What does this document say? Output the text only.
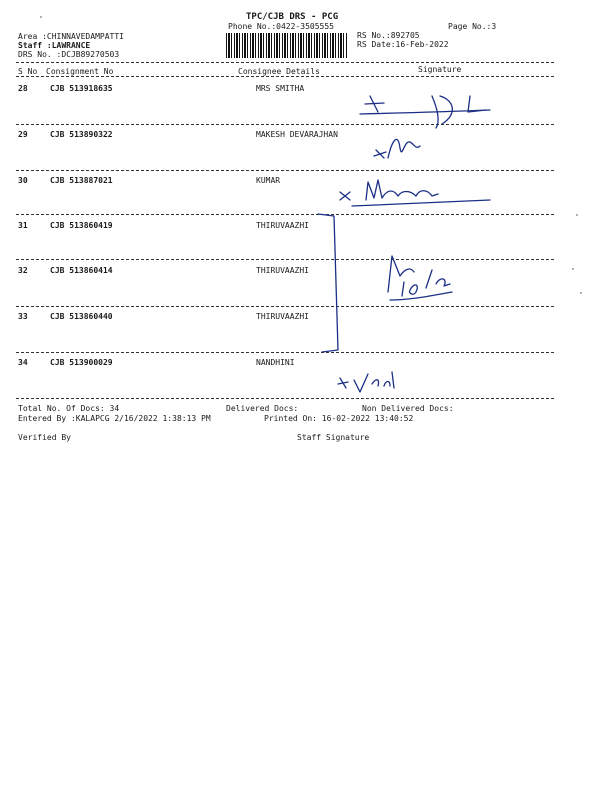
TPC/CJB DRS - PCG
Phone No.:0422-3505555	Page No.:3
Area :CHINNAVEDAMPATTI
Staff :LAWRANCE
DRS No. :DCJB89270503
RS No.:892705
RS Date:16-Feb-2022
S No Consignment No	Consignee Details	Signature
28	CJB 513918635	MRS SMITHA
29	CJB 513890322	MAKESH DEVARAJHAN
30	CJB 513887021	KUMAR
31	CJB 513860419	THIRUVAAZHI
32	CJB 513860414	THIRUVAAZHI
33	CJB 513860440	THIRUVAAZHI
34	CJB 513900029	NANDHINI
Total No. Of Docs: 34	Delivered Docs:	Non Delivered Docs:
Entered By :KALAPCG 2/16/2022 1:38:13 PM	Printed On: 16-02-2022 13:40:52
Verified By	Staff Signature
